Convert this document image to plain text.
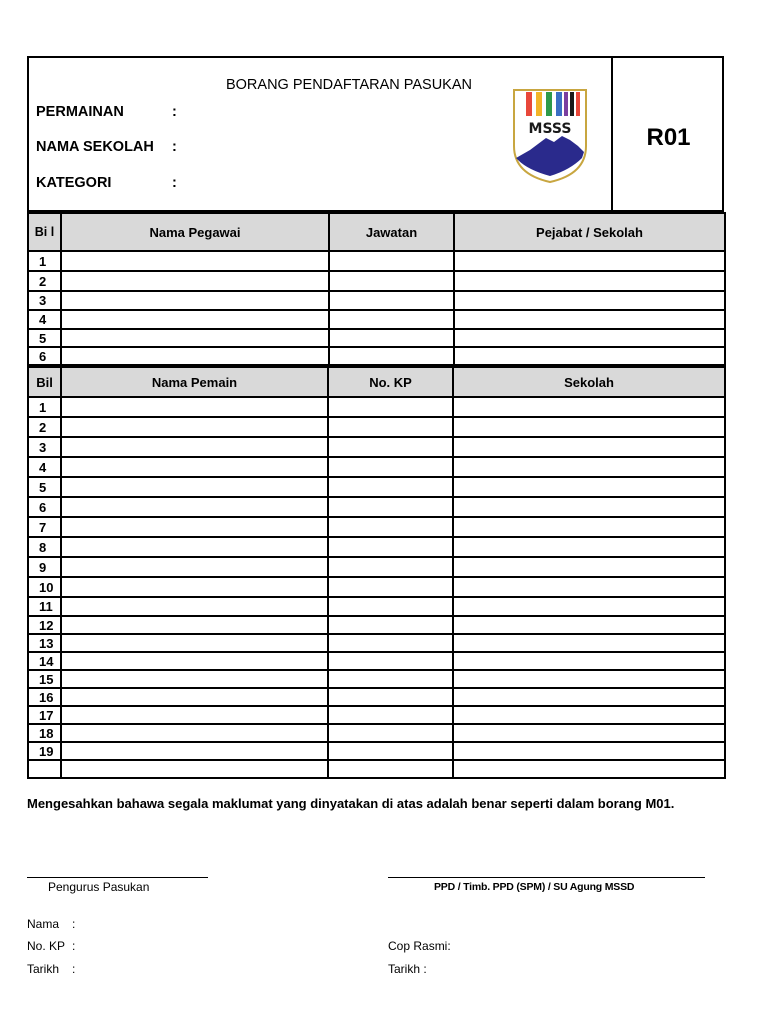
BORANG PENDAFTARAN PASUKAN
PERMAINAN	:
NAMA SEKOLAH :
KATEGORI	:
MSSS	R01
Bi l	Nama Pegawai	Jawatan	Pejabat / Sekolah
1			
2			
3			
4			
5			
6			
Bil	Nama Pemain	No. KP	Sekolah
1			
2			
3			
4			
5			
6			
7			
8			
9			
10			
11			
12			
13			
14			
15			
16			
17			
18			
19			

Mengesahkan bahawa segala maklumat yang dinyatakan di atas adalah benar seperti dalam borang M01.
Pengurus Pasukan	PPD / Timb. PPD (SPM) / SU Agung MSSD
Nama :
No. KP :
Tarikh :
Cop Rasmi:
Tarikh :
